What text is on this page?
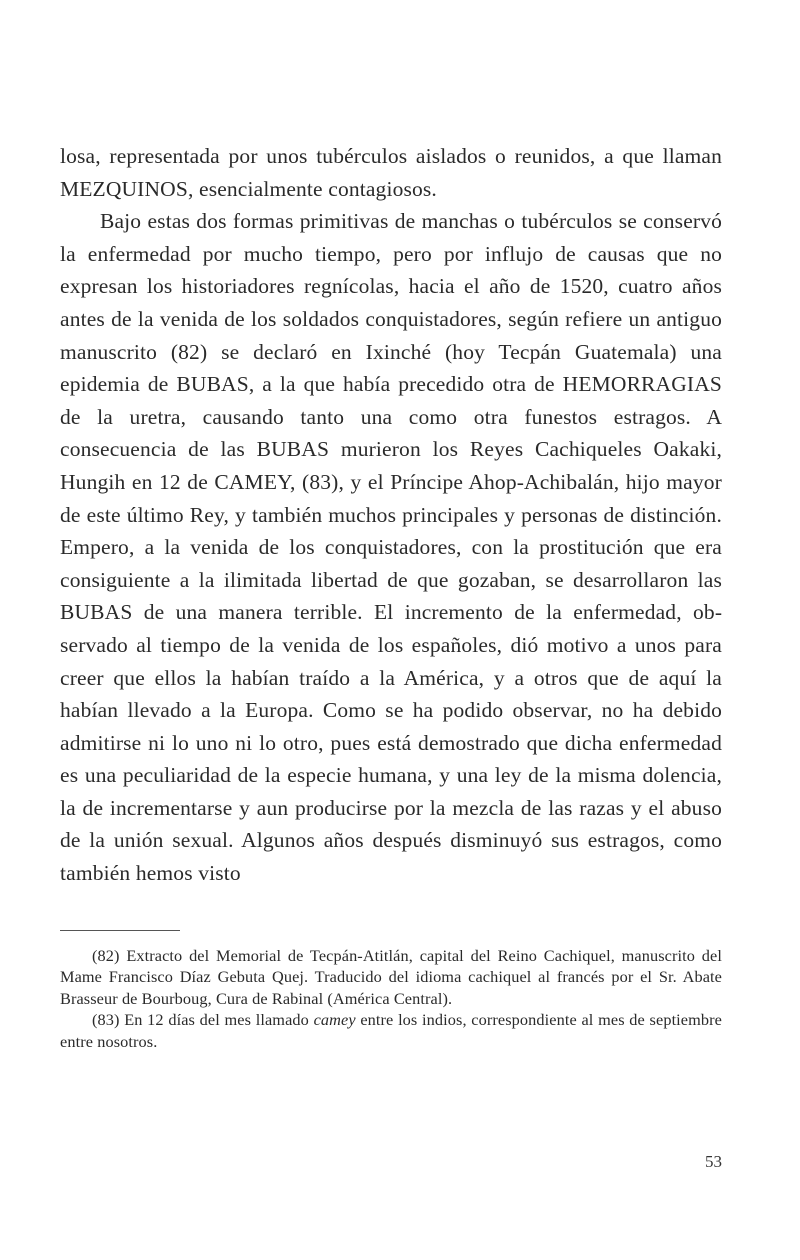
losa, representada por unos tubérculos aislados o reunidos, a que llaman MEZQUINOS, esencialmente contagiosos.

Bajo estas dos formas primitivas de manchas o tubérculos se conservó la enfermedad por mucho tiempo, pero por influjo de causas que no expresan los historiadores regnícolas, hacia el año de 1520, cuatro años antes de la venida de los soldados conquistadores, según refiere un antiguo manuscrito (82) se declaró en Ixinché (hoy Tecpán Guatemala) una epidemia de BUBAS, a la que había precedido otra de HEMORRAGIAS de la uretra, causando tanto una como otra funestos estragos. A consecuencia de las BUBAS murieron los Reyes Cachiqueles Oakaki, Hungih en 12 de CAMEY, (83), y el Príncipe Ahop-Achibalán, hijo mayor de este último Rey, y también muchos principales y personas de distinción. Empero, a la venida de los conquistadores, con la prostitución que era consiguiente a la ilimitada libertad de que gozaban, se desarrollaron las BUBAS de una manera terrible. El incremento de la enfermedad, observado al tiempo de la venida de los españoles, dió motivo a unos para creer que ellos la habían traído a la América, y a otros que de aquí la habían llevado a la Europa. Como se ha podido observar, no ha debido admitirse ni lo uno ni lo otro, pues está demostrado que dicha enfermedad es una peculiaridad de la especie humana, y una ley de la misma dolencia, la de incrementarse y aun producirse por la mezcla de las razas y el abuso de la unión sexual. Algunos años después disminuyó sus estragos, como también hemos visto

(82) Extracto del Memorial de Tecpán-Atitlán, capital del Reino Cachiquel, manuscrito del Mame Francisco Díaz Gebuta Quej. Traducido del idioma cachiquel al francés por el Sr. Abate Brasseur de Bourboug, Cura de Rabinal (América Central).

(83) En 12 días del mes llamado camey entre los indios, correspondiente al mes de septiembre entre nosotros.

53
